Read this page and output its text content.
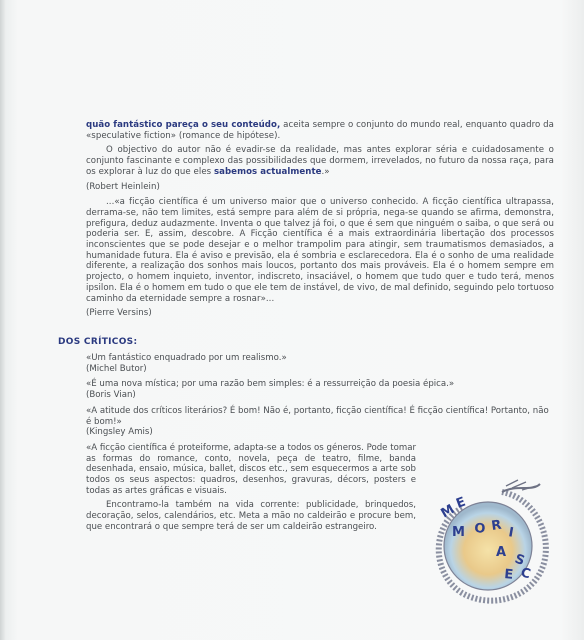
quão fantástico pareça o seu conteúdo, aceita sempre o conjunto do mundo real, enquanto quadro da «speculative fiction» (romance de hipótese).

O objectivo do autor não é evadir-se da realidade, mas antes explorar séria e cuidadosamente o conjunto fascinante e complexo das possibilidades que dormem, irrevelados, no futuro da nossa raça, para os explorar à luz do que eles sabemos actualmente.»

(Robert Heinlein)

...«a ficção científica é um universo maior que o universo conhecido. A ficção científica ultrapassa, derrama-se, não tem limites, está sempre para além de si própria, nega-se quando se afirma, demonstra, prefigura, deduz audazmente. Inventa o que talvez já foi, o que é sem que ninguém o saiba, o que será ou poderia ser. E, assim, descobre. A Ficção científica é a mais extraordinária libertação dos processos inconscientes que se pode desejar e o melhor trampolim para atingir, sem traumatismos demasiados, a humanidade futura. Ela é aviso e previsão, ela é sombria e esclarecedora. Ela é o sonho de uma realidade diferente, a realização dos sonhos mais loucos, portanto dos mais prováveis. Ela é o homem sempre em projecto, o homem inquieto, inventor, indiscreto, insaciável, o homem que tudo quer e tudo terá, menos ipsilon. Ela é o homem em tudo o que ele tem de instável, de vivo, de mal definido, seguindo pelo tortuoso caminho da eternidade sempre a rosnar»...

(Pierre Versins)

DOS CRÍTICOS:

«Um fantástico enquadrado por um realismo.»

(Michel Butor)

«É uma nova mística; por uma razão bem simples: é a ressurreição da poesia épica.»

(Boris Vian)

«A atitude dos críticos literários? É bom! Não é, portanto, ficção científica! É ficção científica! Portanto, não é bom!»

(Kingsley Amis)

«A ficção científica é proteiforme, adapta-se a todos os géneros. Pode tomar as formas do romance, conto, novela, peça de teatro, filme, banda desenhada, ensaio, música, ballet, discos etc., sem esquecermos a arte sob todos os seus aspectos: quadros, desenhos, gravuras, décors, posters e todas as artes gráficas e visuais.

Encontramo-la também na vida corrente: publicidade, brinquedos, decoração, selos, calendários, etc. Meta a mão no caldeirão e procure bem, que encontrará o que sempre terá de ser um caldeirão estrangeiro.

M
E
M O R I
A S
E C
